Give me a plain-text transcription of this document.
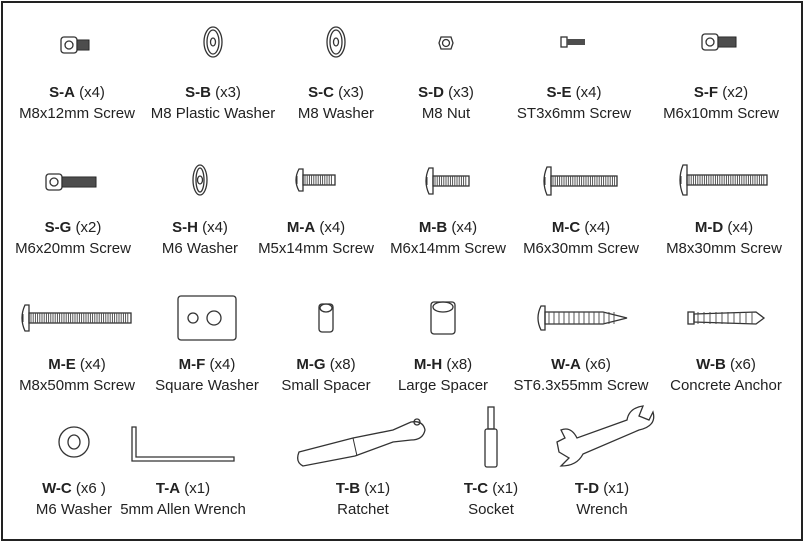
S-A (x4)
M8x12mm Screw
S-B (x3)
M8 Plastic Washer
S-C (x3)
M8 Washer
S-D (x3)
M8 Nut
S-E (x4)
ST3x6mm Screw
S-F (x2)
M6x10mm Screw
S-G (x2)
M6x20mm Screw
S-H (x4)
M6 Washer
M-A (x4)
M5x14mm Screw
M-B (x4)
M6x14mm Screw
M-C (x4)
M6x30mm Screw
M-D (x4)
M8x30mm Screw
M-E (x4)
M8x50mm Screw
M-F (x4)
Square Washer
M-G (x8)
Small Spacer
M-H (x8)
Large Spacer
W-A (x6)
ST6.3x55mm Screw
W-B (x6)
Concrete Anchor
W-C (x6 )
M6 Washer
T-A (x1)
5mm Allen Wrench
T-B (x1)
Ratchet
T-C (x1)
Socket
T-D (x1)
Wrench
